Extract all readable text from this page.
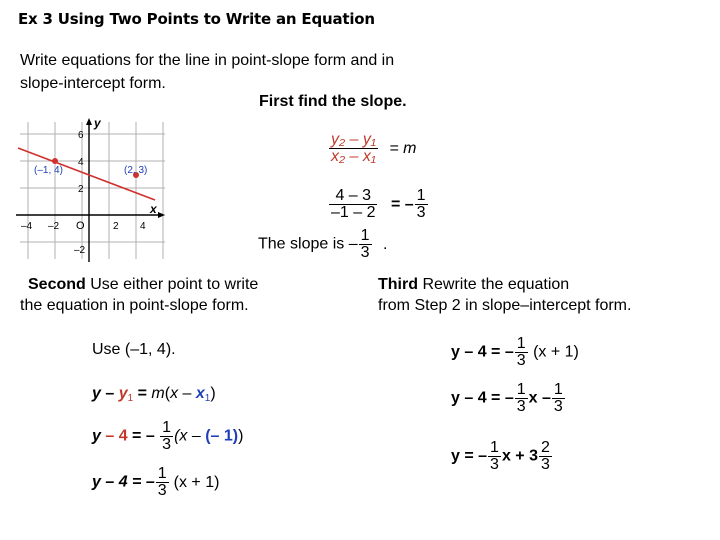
Ex 3 Using Two Points to Write an Equation
Write equations for the line in point-slope form and in
slope-intercept form.
First find the slope.
y
x
O
6
4
2
–2
–4 –2	2 4
(–1, 4)	(2, 3)
$\frac{\text{y₂ – y₁}}{\text{x₂ – x₁}} = m$
$\frac{4 - 3}{-1 - 2}$ = – $\frac{1}{3}$
The slope is – $\frac{1}{3}$ .
Second Use either point to write
the equation in point-slope form.
Third Rewrite the equation
from Step 2 in slope–intercept form.
Use (–1, 4).
$y - y_1 = m(x - x_1)$
y – 4 = – $\frac{1}{3} (x$ – (– 1))
y – 4 = – $\frac{1}{3} (x + 1)$
y – 4 = – $\frac{1}{3} (x + 1)$
y – 4 = – $\frac{1}{3}$ x – $\frac{1}{3}$
y = – $\frac{1}{3}$ $x + 3 \frac{2}{3}$
